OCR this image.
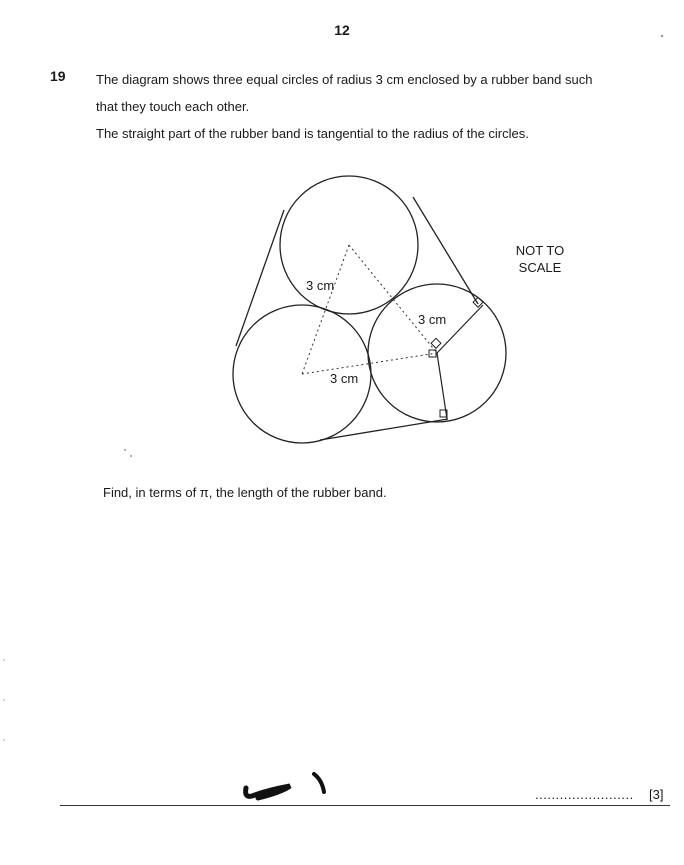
12
19 The diagram shows three equal circles of radius 3 cm enclosed by a rubber band such

that they touch each other.

The straight part of the rubber band is tangential to the radius of the circles.

3 cm
3 cm
3 cm
NOT TO
SCALE
Find, in terms of π, the length of the rubber band.
........................ [3]
